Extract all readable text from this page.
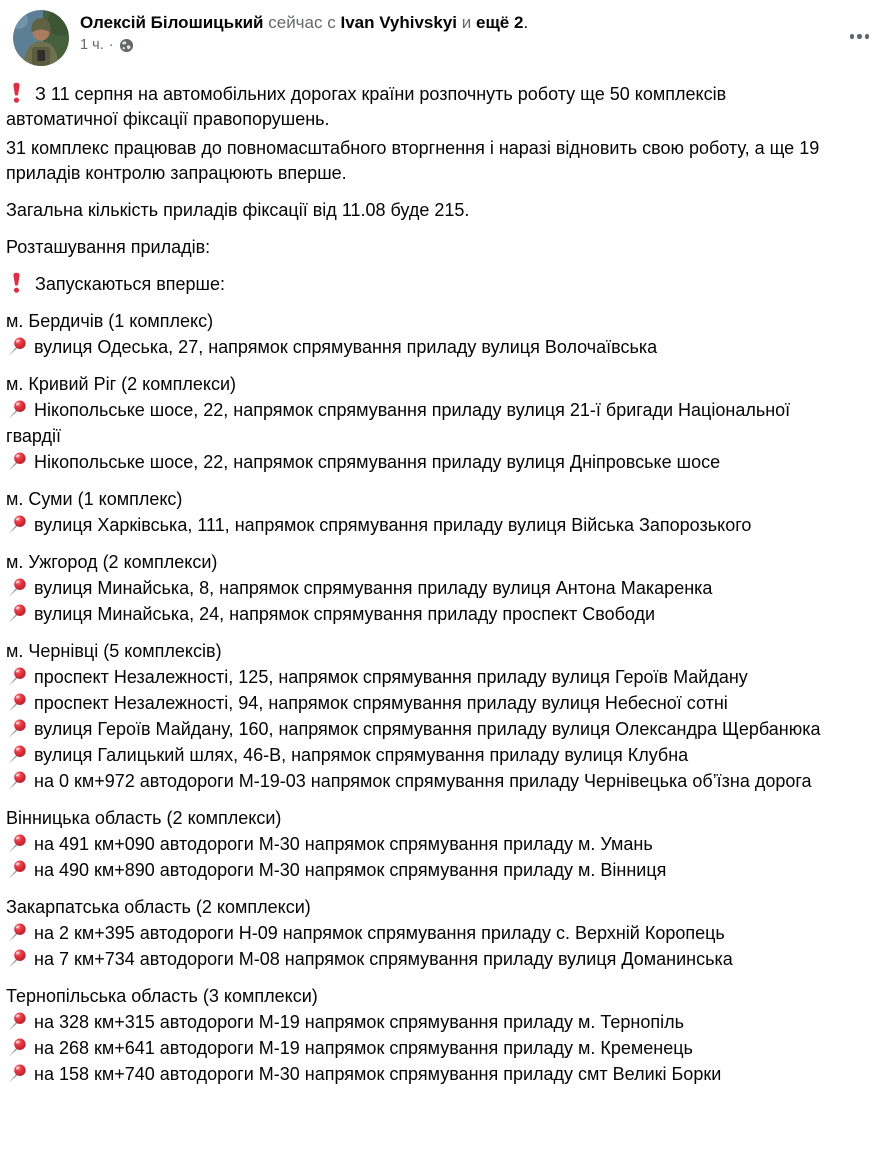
Олексій Білошицький сейчас с Ivan Vyhivskyi и ещё 2.
1 ч. ·
З 11 серпня на автомобільних дорогах країни розпочнуть роботу ще 50 комплексів автоматичної фіксації правопорушень.
31 комплекс працював до повномасштабного вторгнення і наразі відновить свою роботу, а ще 19 приладів контролю запрацюють вперше.
Загальна кількість приладів фіксації від 11.08 буде 215.
Розташування приладів:
Запускаються вперше:
м. Бердичів (1 комплекс)
вулиця Одеська, 27, напрямок спрямування приладу вулиця Волочаївська
м. Кривий Ріг (2 комплекси)
Нікопольське шосе, 22, напрямок спрямування приладу вулиця 21-ї бригади Національної гвардії
Нікопольське шосе, 22, напрямок спрямування приладу вулиця Дніпровське шосе
м. Суми (1 комплекс)
вулиця Харківська, 111, напрямок спрямування приладу вулиця Війська Запорозького
м. Ужгород (2 комплекси)
вулиця Минайська, 8, напрямок спрямування приладу вулиця Антона Макаренка
вулиця Минайська, 24, напрямок спрямування приладу проспект Свободи
м. Чернівці (5 комплексів)
проспект Незалежності, 125, напрямок спрямування приладу вулиця Героїв Майдану
проспект Незалежності, 94, напрямок спрямування приладу вулиця Небесної сотні
вулиця Героїв Майдану, 160, напрямок спрямування приладу вулиця Олександра Щербанюка
вулиця Галицький шлях, 46-В, напрямок спрямування приладу вулиця Клубна
на 0 км+972 автодороги М-19-03 напрямок спрямування приладу Чернівецька об’їзна дорога
Вінницька область (2 комплекси)
на 491 км+090 автодороги М-30 напрямок спрямування приладу м. Умань
на 490 км+890 автодороги М-30 напрямок спрямування приладу м. Вінниця
Закарпатська область (2 комплекси)
на 2 км+395 автодороги Н-09 напрямок спрямування приладу с. Верхній Коропець
на 7 км+734 автодороги М-08 напрямок спрямування приладу вулиця Доманинська
Тернопільська область (3 комплекси)
на 328 км+315 автодороги М-19 напрямок спрямування приладу м. Тернопіль
на 268 км+641 автодороги М-19 напрямок спрямування приладу м. Кременець
на 158 км+740 автодороги М-30 напрямок спрямування приладу смт Великі Борки
